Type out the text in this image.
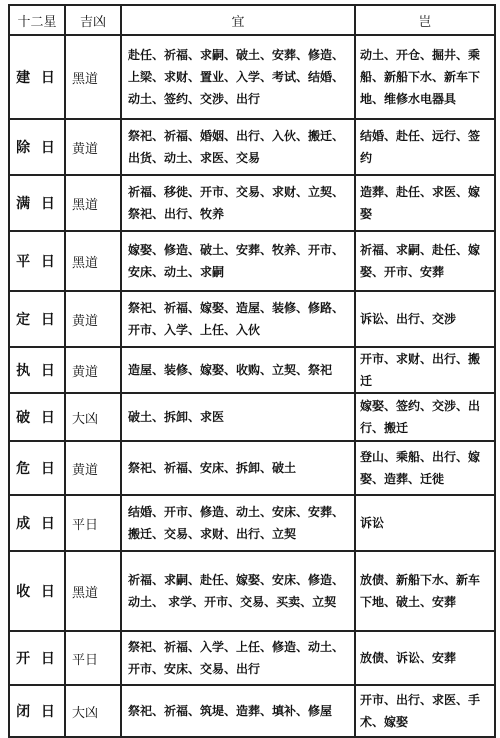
十二星	吉凶	宜	岂
建 日	黑道	赴任、祈福、求嗣、破土、安葬、修造、上梁、求财、置业、入学、考试、结婚、动土、签约、交涉、出行	动土、开仓、掘井、乘船、新船下水、新车下地、维修水电器具
除 日	黄道	祭祀、祈福、婚姻、出行、入伙、搬迁、出货、动土、求医、交易	结婚、赴任、远行、签约
满 日	黑道	祈福、移徙、开市、交易、求财、立契、祭祀、出行、牧养	造葬、赴任、求医、嫁娶
平 日	黑道	嫁娶、修造、破土、安葬、牧养、开市、安床、动土、求嗣	祈福、求嗣、赴任、嫁娶、开市、安葬
定 日	黄道	祭祀、祈福、嫁娶、造屋、装修、修路、开市、入学、上任、入伙	诉讼、出行、交涉
执 日	黄道	造屋、装修、嫁娶、收购、立契、祭祀	开市、求财、出行、搬迁
破 日	大凶	破土、拆卸、求医	嫁娶、签约、交涉、出行、搬迁
危 日	黄道	祭祀、祈福、安床、拆卸、破土	登山、乘船、出行、嫁娶、造葬、迁徙
成 日	平日	结婚、开市、修造、动土、安床、安葬、搬迁、交易、求财、出行、立契	诉讼
收 日	黑道	祈福、求嗣、赴任、嫁娶、安床、修造、动土、 求学、开市、交易、买卖、立契	放债、新船下水、新车下地、破土、安葬
开 日	平日	祭祀、祈福、入学、上任、修造、动土、开市、安床、交易、出行	放债、诉讼、安葬
闭 日	大凶	祭祀、祈福、筑堤、造葬、填补、修屋	开市、出行、求医、手术、嫁娶
